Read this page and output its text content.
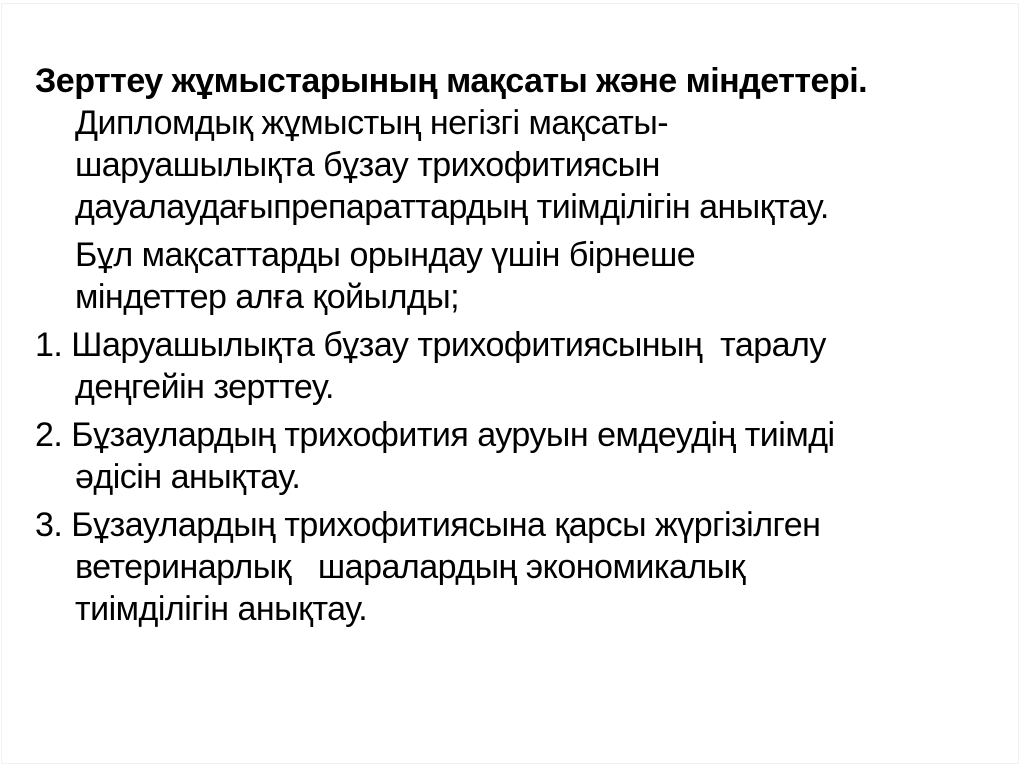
Зерттеу жұмыстарының мақсаты және міндеттері.
Дипломдық жұмыстың негізгі мақсаты-
шаруашылықта бұзау трихофитиясын
дауалаудағыпрепараттардың тиімділігін анықтау.
Бұл мақсаттарды орындау үшін бірнеше
міндеттер алға қойылды;
1. Шаруашылықта бұзау трихофитиясының  таралу
деңгейін зерттеу.
2. Бұзаулардың трихофития ауруын емдеудің тиімді
әдісін анықтау.
3. Бұзаулардың трихофитиясына қарсы жүргізілген
ветеринарлық   шаралардың экономикалық
тиімділігін анықтау.
